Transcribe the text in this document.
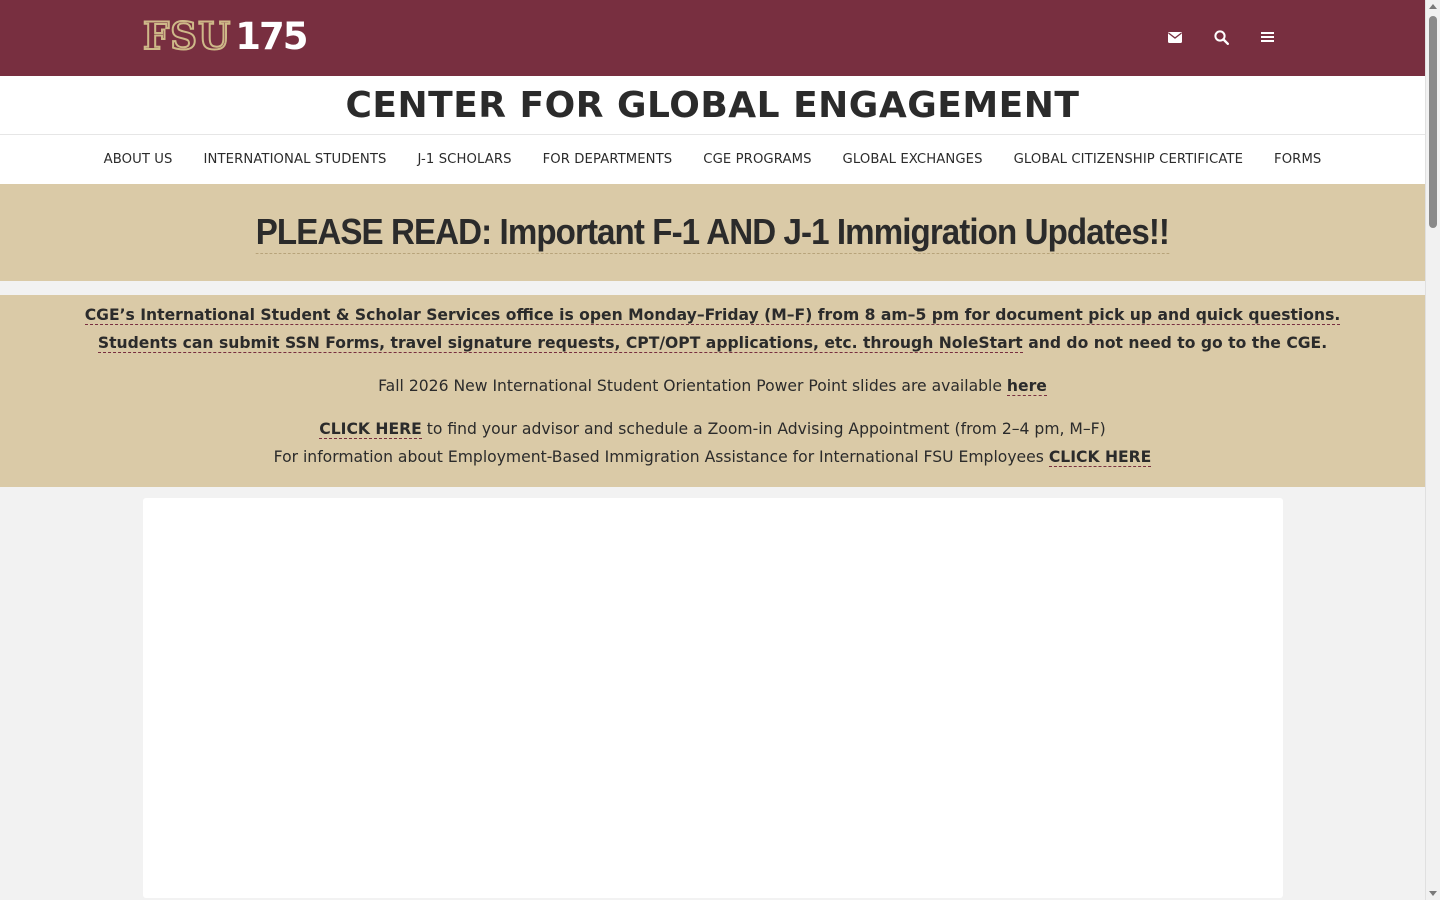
FSU 175
CENTER FOR GLOBAL ENGAGEMENT
ABOUT US INTERNATIONAL STUDENTS J-1 SCHOLARS FOR DEPARTMENTS CGE PROGRAMS GLOBAL EXCHANGES GLOBAL CITIZENSHIP CERTIFICATE FORMS
PLEASE READ: Important F-1 AND J-1 Immigration Updates!!
CGE’s International Student & Scholar Services office is open Monday–Friday (M–F) from 8 am–5 pm for document pick up and quick questions.
Students can submit SSN Forms, travel signature requests, CPT/OPT applications, etc. through NoleStart and do not need to go to the CGE.
Fall 2026 New International Student Orientation Power Point slides are available here
CLICK HERE to find your advisor and schedule a Zoom-in Advising Appointment (from 2–4 pm, M–F)
For information about Employment-Based Immigration Assistance for International FSU Employees CLICK HERE
